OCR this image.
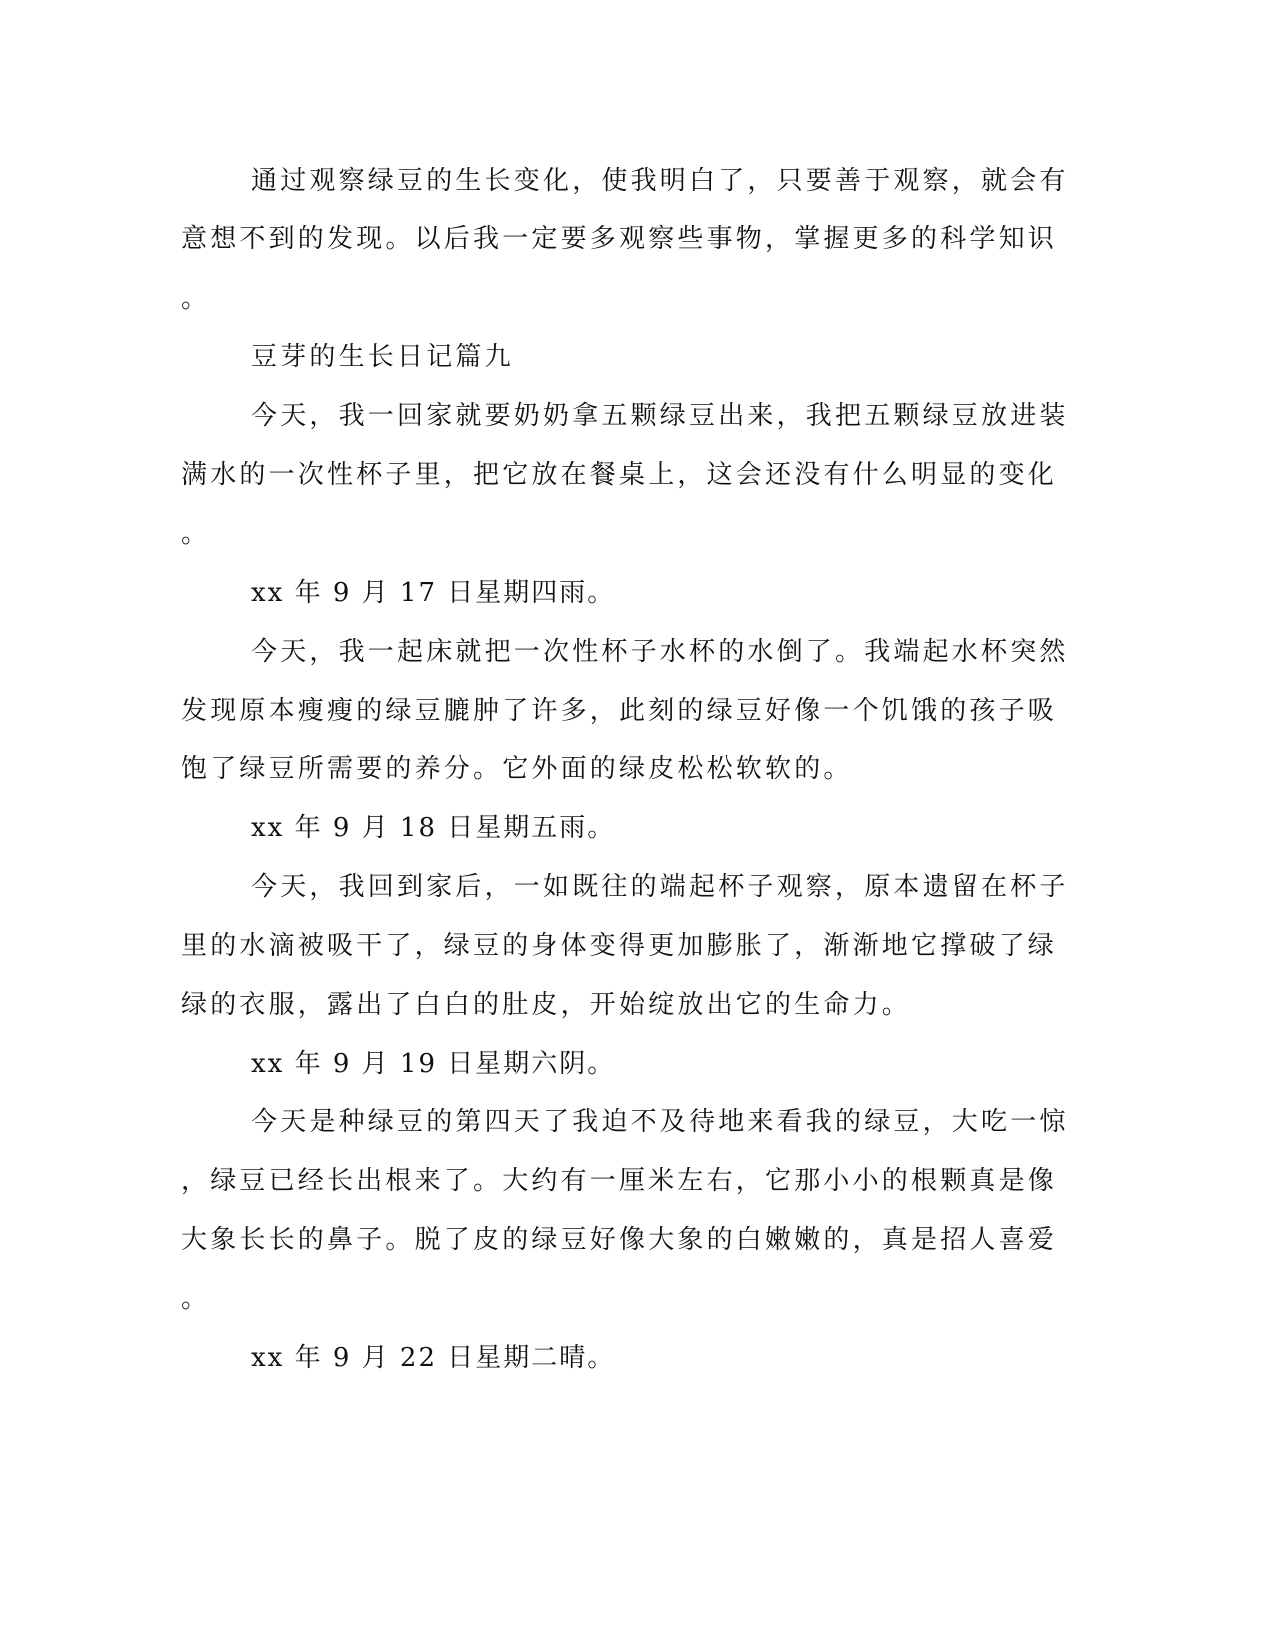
通过观察绿豆的生长变化，使我明白了，只要善于观察，就会有

意想不到的发现。以后我一定要多观察些事物，掌握更多的科学知识

。

豆芽的生长日记篇九

今天，我一回家就要奶奶拿五颗绿豆出来，我把五颗绿豆放进装

满水的一次性杯子里，把它放在餐桌上，这会还没有什么明显的变化

。

xx 年 9 月 17 日星期四雨。

今天，我一起床就把一次性杯子水杯的水倒了。我端起水杯突然

发现原本瘦瘦的绿豆膔肿了许多，此刻的绿豆好像一个饥饿的孩子吸

饱了绿豆所需要的养分。它外面的绿皮松松软软的。

xx 年 9 月 18 日星期五雨。

今天，我回到家后，一如既往的端起杯子观察，原本遗留在杯子

里的水滴被吸干了，绿豆的身体变得更加膨胀了，渐渐地它撑破了绿

绿的衣服，露出了白白的肚皮，开始绽放出它的生命力。

xx 年 9 月 19 日星期六阴。

今天是种绿豆的第四天了我迫不及待地来看我的绿豆，大吃一惊

，绿豆已经长出根来了。大约有一厘米左右，它那小小的根颗真是像

大象长长的鼻子。脱了皮的绿豆好像大象的白嫩嫩的，真是招人喜爱

。

xx 年 9 月 22 日星期二晴。
